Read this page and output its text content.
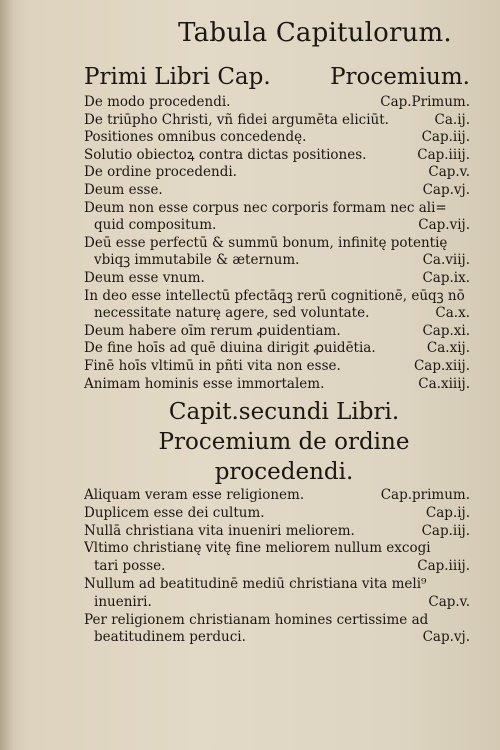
Tabula Capitulorum.
Primi Libri Cap.	Procemium.
De modo procedendi.	Cap.Primum.
De triūpho Christi, vñ fidei argumēta eliciūt.	Ca.ij.
Positiones omnibus concedendę.	Cap.iij.
Solutio obiectoꝝ contra dictas positiones.	Cap.iiij.
De ordine procedendi.	Cap.v.
Deum esse.	Cap.vj.
Deum non esse corpus nec corporis formam nec ali=
quid compositum.	Cap.vij.
Deū esse perfectū & summū bonum, infinitę potentię
vbiqꝫ immutabile & æternum.	Ca.viij.
Deum esse vnum.	Cap.ix.
In deo esse intellectū pfectāqꝫ rerū cognitionē, eūqꝫ nō
necessitate naturę agere, sed voluntate.	Ca.x.
Deum habere oīm rerum ꝓuidentiam.	Cap.xi.
De fine hoīs ad quē diuina dirigit ꝓuidētia.	Ca.xij.
Finē hoīs vltimū in pñti vita non esse.	Cap.xiij.
Animam hominis esse immortalem.	Ca.xiiij.
Capit.secundi Libri.
Procemium de ordine procedendi.
Aliquam veram esse religionem.	Cap.primum.
Duplicem esse dei cultum.	Cap.ij.
Nullā christiana vita inueniri meliorem.	Cap.iij.
Vltimo christianę vitę fine meliorem nullum excogi
tari posse.	Cap.iiij.
Nullum ad beatitudinē mediū christiana vita meli⁹
inueniri.	Cap.v.
Per religionem christianam homines certissime ad
beatitudinem perduci.	Cap.vj.
